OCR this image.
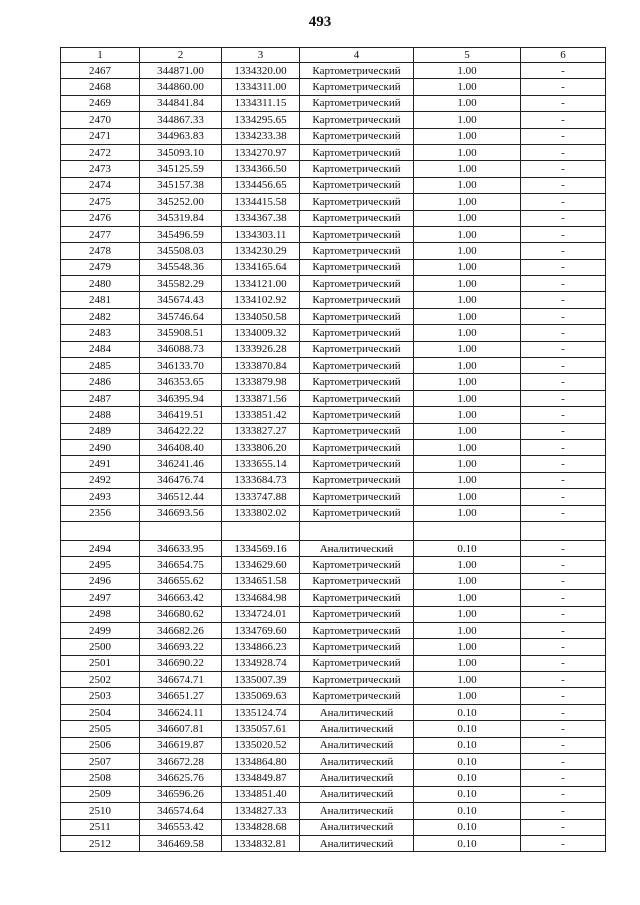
493
1	2	3	4	5	6
2467	344871.00	1334320.00	Картометрический	1.00	-
2468	344860.00	1334311.00	Картометрический	1.00	-
2469	344841.84	1334311.15	Картометрический	1.00	-
2470	344867.33	1334295.65	Картометрический	1.00	-
2471	344963.83	1334233.38	Картометрический	1.00	-
2472	345093.10	1334270.97	Картометрический	1.00	-
2473	345125.59	1334366.50	Картометрический	1.00	-
2474	345157.38	1334456.65	Картометрический	1.00	-
2475	345252.00	1334415.58	Картометрический	1.00	-
2476	345319.84	1334367.38	Картометрический	1.00	-
2477	345496.59	1334303.11	Картометрический	1.00	-
2478	345508.03	1334230.29	Картометрический	1.00	-
2479	345548.36	1334165.64	Картометрический	1.00	-
2480	345582.29	1334121.00	Картометрический	1.00	-
2481	345674.43	1334102.92	Картометрический	1.00	-
2482	345746.64	1334050.58	Картометрический	1.00	-
2483	345908.51	1334009.32	Картометрический	1.00	-
2484	346088.73	1333926.28	Картометрический	1.00	-
2485	346133.70	1333870.84	Картометрический	1.00	-
2486	346353.65	1333879.98	Картометрический	1.00	-
2487	346395.94	1333871.56	Картометрический	1.00	-
2488	346419.51	1333851.42	Картометрический	1.00	-
2489	346422.22	1333827.27	Картометрический	1.00	-
2490	346408.40	1333806.20	Картометрический	1.00	-
2491	346241.46	1333655.14	Картометрический	1.00	-
2492	346476.74	1333684.73	Картометрический	1.00	-
2493	346512.44	1333747.88	Картометрический	1.00	-
2356	346693.56	1333802.02	Картометрический	1.00	-

2494	346633.95	1334569.16	Аналитический	0.10	-
2495	346654.75	1334629.60	Картометрический	1.00	-
2496	346655.62	1334651.58	Картометрический	1.00	-
2497	346663.42	1334684.98	Картометрический	1.00	-
2498	346680.62	1334724.01	Картометрический	1.00	-
2499	346682.26	1334769.60	Картометрический	1.00	-
2500	346693.22	1334866.23	Картометрический	1.00	-
2501	346690.22	1334928.74	Картометрический	1.00	-
2502	346674.71	1335007.39	Картометрический	1.00	-
2503	346651.27	1335069.63	Картометрический	1.00	-
2504	346624.11	1335124.74	Аналитический	0.10	-
2505	346607.81	1335057.61	Аналитический	0.10	-
2506	346619.87	1335020.52	Аналитический	0.10	-
2507	346672.28	1334864.80	Аналитический	0.10	-
2508	346625.76	1334849.87	Аналитический	0.10	-
2509	346596.26	1334851.40	Аналитический	0.10	-
2510	346574.64	1334827.33	Аналитический	0.10	-
2511	346553.42	1334828.68	Аналитический	0.10	-
2512	346469.58	1334832.81	Аналитический	0.10	-
